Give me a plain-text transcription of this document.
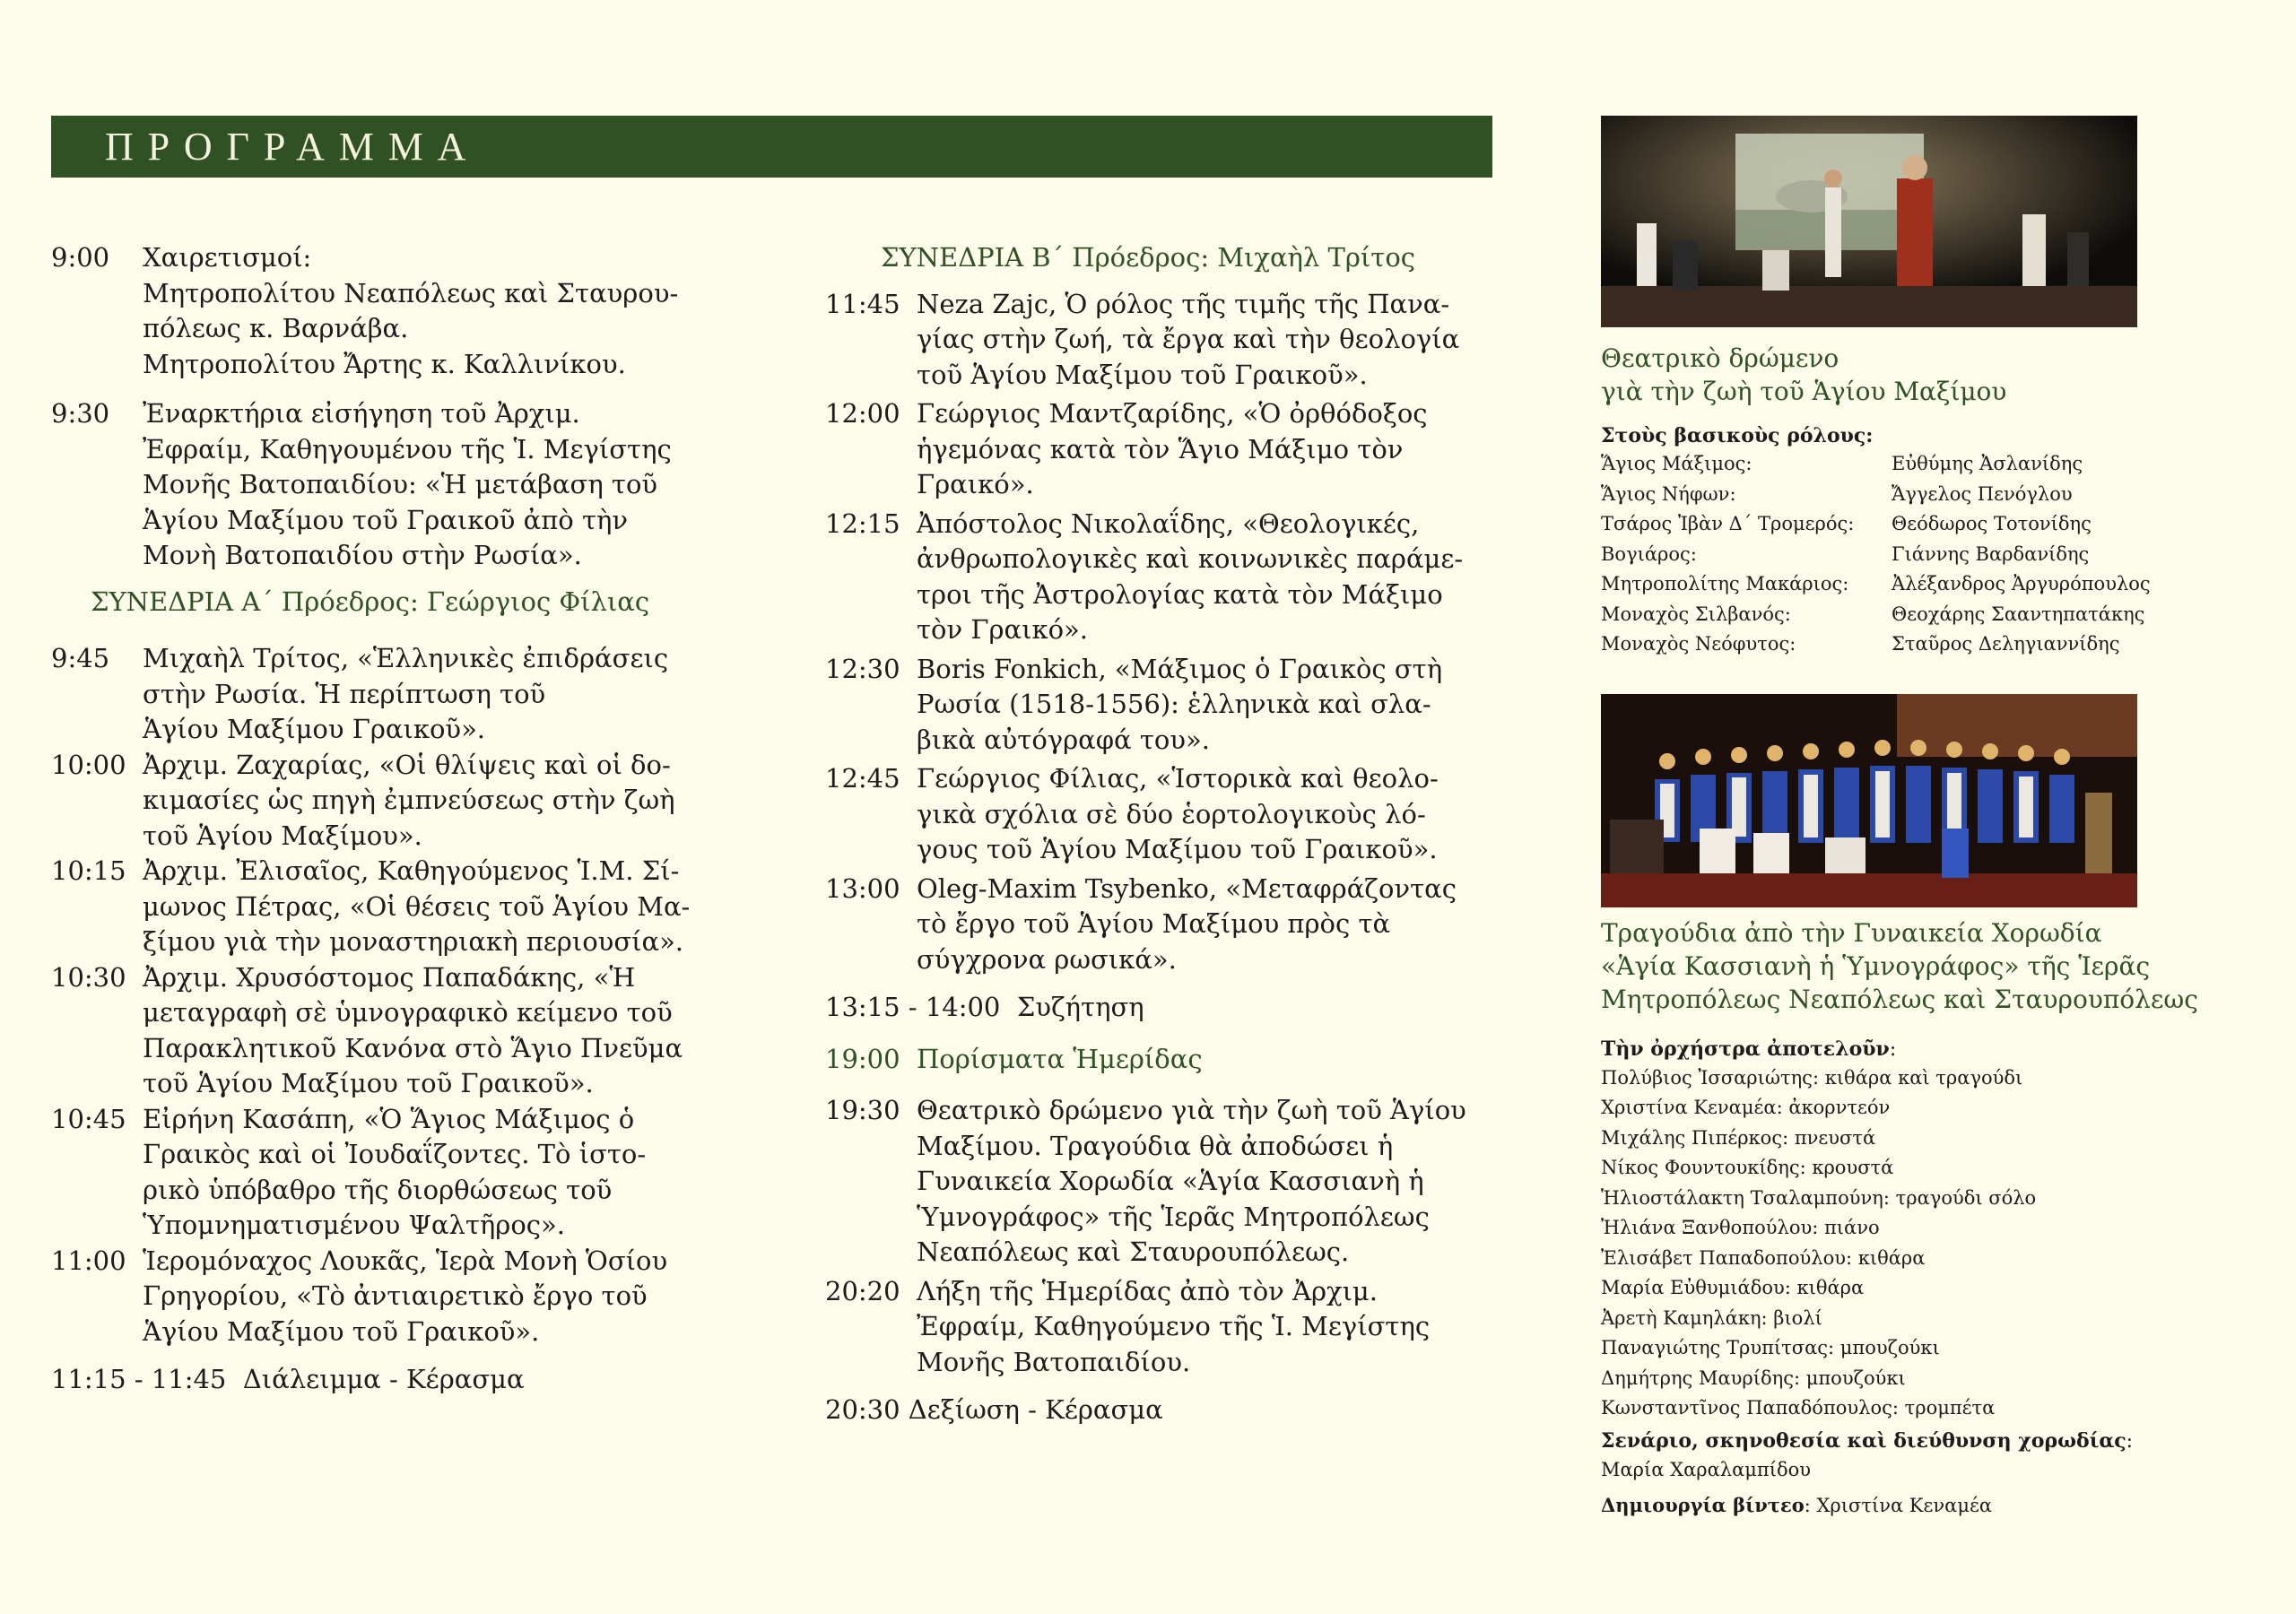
ΠΡΟΓΡΑΜΜΑ
9:00	Χαιρετισμοί:
Μητροπολίτου Νεαπόλεως καὶ Σταυρου-
πόλεως κ. Βαρνάβα.
Μητροπολίτου Ἄρτης κ. Καλλινίκου.
9:30	Ἐναρκτήρια εἰσήγηση τοῦ Ἀρχιμ.
Ἐφραίμ, Καθηγουμένου τῆς Ἱ. Μεγίστης
Μονῆς Βατοπαιδίου: «Ἡ μετάβαση τοῦ
Ἁγίου Μαξίμου τοῦ Γραικοῦ ἀπὸ τὴν
Μονὴ Βατοπαιδίου στὴν Ρωσία».
ΣΥΝΕΔΡΙΑ Α΄ Πρόεδρος: Γεώργιος Φίλιας
9:45	Μιχαὴλ Τρίτος, «Ἑλληνικὲς ἐπιδράσεις
στὴν Ρωσία. Ἡ περίπτωση τοῦ
Ἁγίου Μαξίμου Γραικοῦ».
10:00 Ἀρχιμ. Ζαχαρίας, «Οἱ θλίψεις καὶ οἱ δο-
κιμασίες ὡς πηγὴ ἐμπνεύσεως στὴν ζωὴ
τοῦ Ἁγίου Μαξίμου».
10:15 Ἀρχιμ. Ἐλισαῖος, Καθηγούμενος Ἱ.Μ. Σί-
μωνος Πέτρας, «Οἱ θέσεις τοῦ Ἁγίου Μα-
ξίμου γιὰ τὴν μοναστηριακὴ περιουσία».
10:30 Ἀρχιμ. Χρυσόστομος Παπαδάκης, «Ἡ
μεταγραφὴ σὲ ὑμνογραφικὸ κείμενο τοῦ
Παρακλητικοῦ Κανόνα στὸ Ἅγιο Πνεῦμα
τοῦ Ἁγίου Μαξίμου τοῦ Γραικοῦ».
10:45 Εἰρήνη Κασάπη, «Ὁ Ἅγιος Μάξιμος ὁ
Γραικὸς καὶ οἱ Ἰουδαΐζοντες. Τὸ ἱστο-
ρικὸ ὑπόβαθρο τῆς διορθώσεως τοῦ
Ὑπομνηματισμένου Ψαλτῆρος».
11:00 Ἱερομόναχος Λουκᾶς, Ἱερὰ Μονὴ Ὁσίου
Γρηγορίου, «Τὸ ἀντιαιρετικὸ ἔργο τοῦ
Ἁγίου Μαξίμου τοῦ Γραικοῦ».
11:15 - 11:45  Διάλειμμα - Κέρασμα
ΣΥΝΕΔΡΙΑ Β΄ Πρόεδρος: Μιχαὴλ Τρίτος
11:45 Neza Zajc, Ὁ ρόλος τῆς τιμῆς τῆς Πανα-
γίας στὴν ζωή, τὰ ἔργα καὶ τὴν θεολογία
τοῦ Ἁγίου Μαξίμου τοῦ Γραικοῦ».
12:00 Γεώργιος Μαντζαρίδης, «Ὁ ὀρθόδοξος
ἡγεμόνας κατὰ τὸν Ἅγιο Μάξιμο τὸν
Γραικό».
12:15 Ἀπόστολος Νικολαΐδης, «Θεολογικές,
ἀνθρωπολογικὲς καὶ κοινωνικὲς παράμε-
τροι τῆς Ἀστρολογίας κατὰ τὸν Μάξιμο
τὸν Γραικό».
12:30 Boris Fonkich, «Μάξιμος ὁ Γραικὸς στὴ
Ρωσία (1518-1556): ἑλληνικὰ καὶ σλα-
βικὰ αὐτόγραφά του».
12:45 Γεώργιος Φίλιας, «Ἱστορικὰ καὶ θεολο-
γικὰ σχόλια σὲ δύο ἑορτολογικοὺς λό-
γους τοῦ Ἁγίου Μαξίμου τοῦ Γραικοῦ».
13:00 Oleg-Maxim Tsybenko, «Μεταφράζοντας
τὸ ἔργο τοῦ Ἁγίου Μαξίμου πρὸς τὰ
σύγχρονα ρωσικά».
13:15 - 14:00  Συζήτηση
19:00 Πορίσματα Ἡμερίδας
19:30 Θεατρικὸ δρώμενο γιὰ τὴν ζωὴ τοῦ Ἁγίου
Μαξίμου. Τραγούδια θὰ ἀποδώσει ἡ
Γυναικεία Χορωδία «Ἁγία Κασσιανὴ ἡ
Ὑμνογράφος» τῆς Ἱερᾶς Μητροπόλεως
Νεαπόλεως καὶ Σταυρουπόλεως.
20:20 Λήξη τῆς Ἡμερίδας ἀπὸ τὸν Ἀρχιμ.
Ἐφραίμ, Καθηγούμενο τῆς Ἱ. Μεγίστης
Μονῆς Βατοπαιδίου.
20:30 Δεξίωση - Κέρασμα
Θεατρικὸ δρώμενο
γιὰ τὴν ζωὴ τοῦ Ἁγίου Μαξίμου
Στοὺς βασικοὺς ρόλους:
Ἅγιος Μάξιμος:	Εὐθύμης Ἀσλανίδης
Ἅγιος Νήφων:	Ἄγγελος Πενόγλου
Τσάρος Ἰβὰν Δ΄ Τρομερός:	Θεόδωρος Τοτονίδης
Βογιάρος:	Γιάννης Βαρδανίδης
Μητροπολίτης Μακάριος:	Ἀλέξανδρος Ἀργυρόπουλος
Μοναχὸς Σιλβανός:	Θεοχάρης Σααντηπατάκης
Μοναχὸς Νεόφυτος:	Σταῦρος Δεληγιαννίδης
Τραγούδια ἀπὸ τὴν Γυναικεία Χορωδία
«Ἁγία Κασσιανὴ ἡ Ὑμνογράφος» τῆς Ἱερᾶς
Μητροπόλεως Νεαπόλεως καὶ Σταυρουπόλεως
Τὴν ὀρχήστρα ἀποτελοῦν:
Πολύβιος Ἰσσαριώτης: κιθάρα καὶ τραγούδι
Χριστίνα Κεναμέα: ἀκορντεόν
Μιχάλης Πιπέρκος: πνευστά
Νίκος Φουντουκίδης: κρουστά
Ἡλιοστάλακτη Τσαλαμπούνη: τραγούδι σόλο
Ἠλιάνα Ξανθοπούλου: πιάνο
Ἐλισάβετ Παπαδοπούλου: κιθάρα
Μαρία Εὐθυμιάδου: κιθάρα
Ἀρετὴ Καμηλάκη: βιολί
Παναγιώτης Τρυπίτσας: μπουζούκι
Δημήτρης Μαυρίδης: μπουζούκι
Κωνσταντῖνος Παπαδόπουλος: τρομπέτα
Σενάριο, σκηνοθεσία καὶ διεύθυνση χορωδίας:
Μαρία Χαραλαμπίδου
Δημιουργία βίντεο: Χριστίνα Κεναμέα
